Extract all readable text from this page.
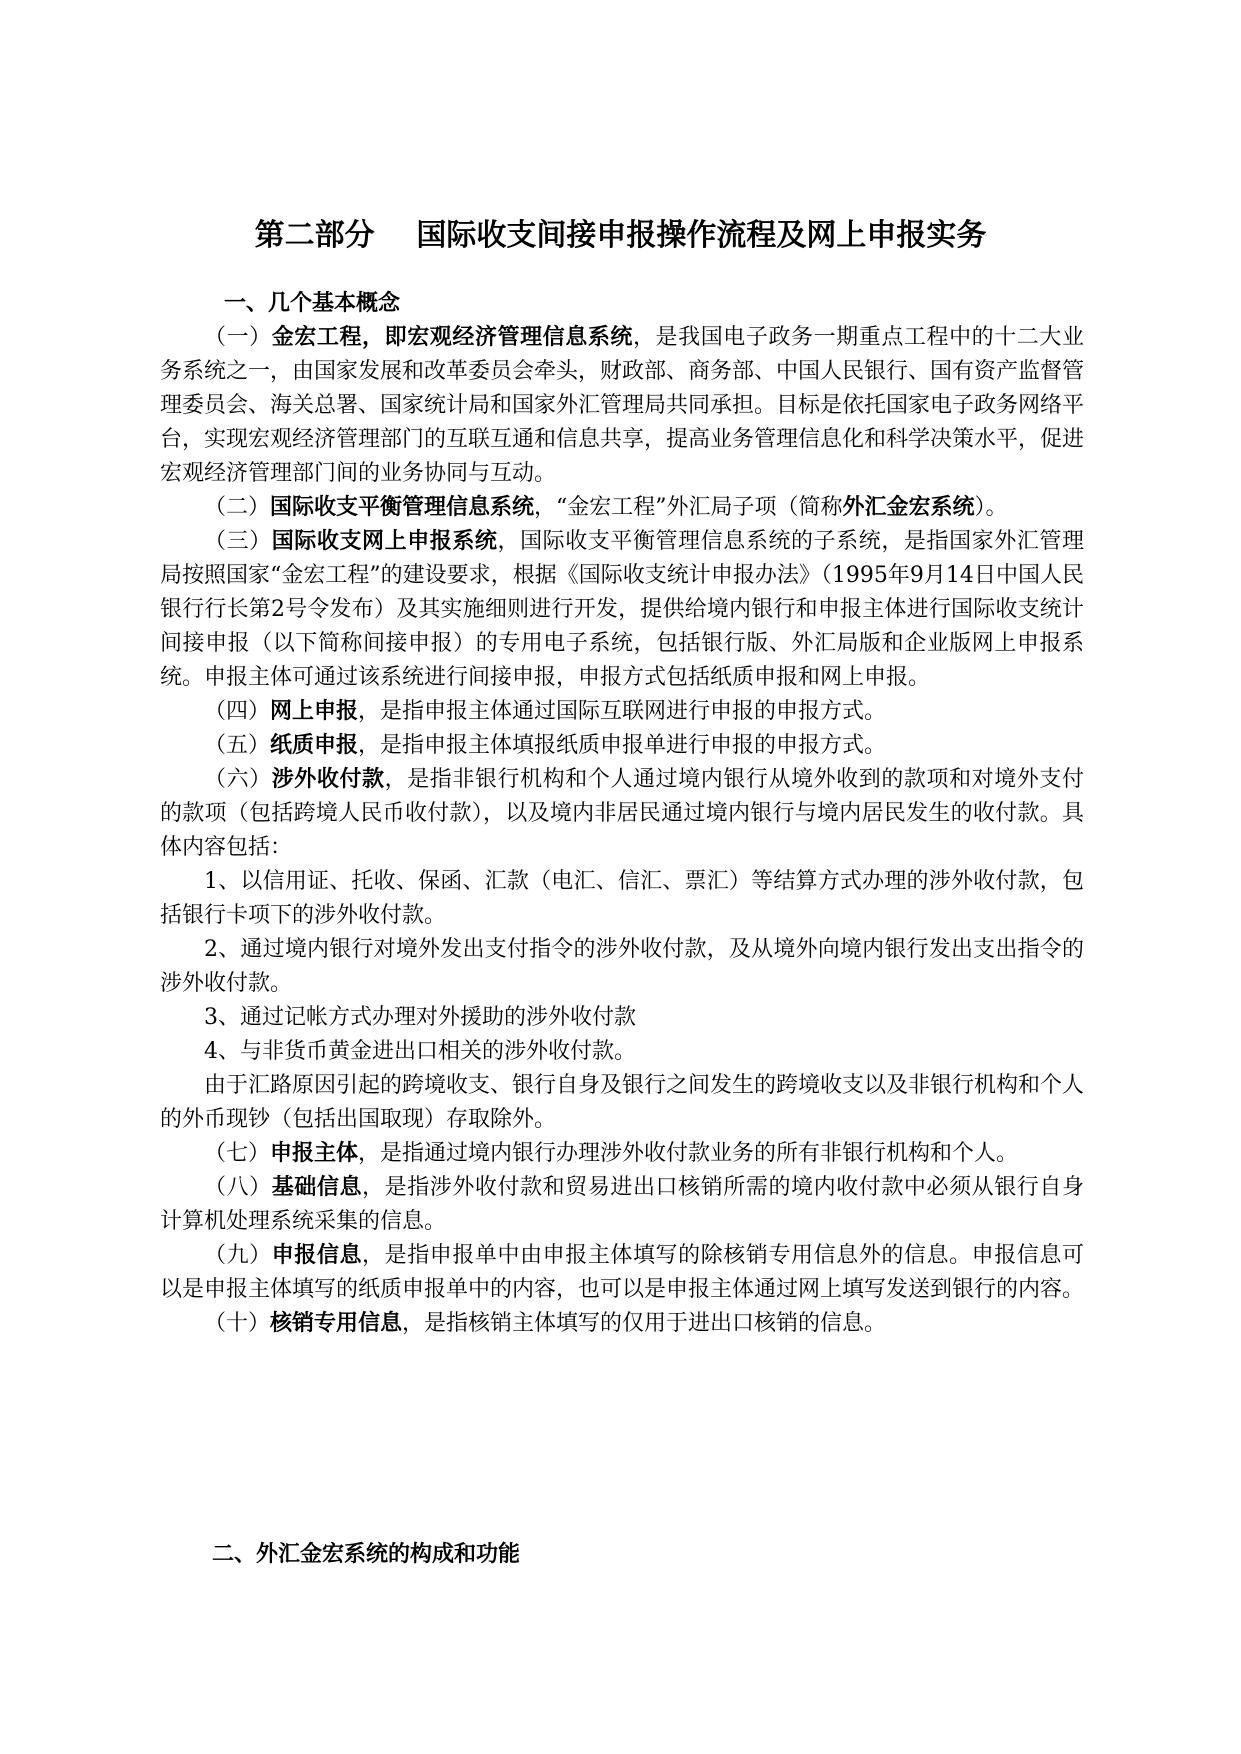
第二部分    国际收支间接申报操作流程及网上申报实务

一、几个基本概念

（一）金宏工程，即宏观经济管理信息系统，是我国电子政务一期重点工程中的十二大业务系统之一，由国家发展和改革委员会牵头，财政部、商务部、中国人民银行、国有资产监督管理委员会、海关总署、国家统计局和国家外汇管理局共同承担。目标是依托国家电子政务网络平台，实现宏观经济管理部门的互联互通和信息共享，提高业务管理信息化和科学决策水平，促进宏观经济管理部门间的业务协同与互动。

（二）国际收支平衡管理信息系统，“金宏工程”外汇局子项（简称外汇金宏系统）。

（三）国际收支网上申报系统，国际收支平衡管理信息系统的子系统，是指国家外汇管理局按照国家“金宏工程”的建设要求，根据《国际收支统计申报办法》（1995年9月14日中国人民银行行长第2号令发布）及其实施细则进行开发，提供给境内银行和申报主体进行国际收支统计间接申报（以下简称间接申报）的专用电子系统，包括银行版、外汇局版和企业版网上申报系统。申报主体可通过该系统进行间接申报，申报方式包括纸质申报和网上申报。

（四）网上申报，是指申报主体通过国际互联网进行申报的申报方式。

（五）纸质申报，是指申报主体填报纸质申报单进行申报的申报方式。

（六）涉外收付款，是指非银行机构和个人通过境内银行从境外收到的款项和对境外支付的款项（包括跨境人民币收付款），以及境内非居民通过境内银行与境内居民发生的收付款。具体内容包括：

1、以信用证、托收、保函、汇款（电汇、信汇、票汇）等结算方式办理的涉外收付款，包括银行卡项下的涉外收付款。

2、通过境内银行对境外发出支付指令的涉外收付款，及从境外向境内银行发出支出指令的涉外收付款。

3、通过记帐方式办理对外援助的涉外收付款

4、与非货币黄金进出口相关的涉外收付款。

由于汇路原因引起的跨境收支、银行自身及银行之间发生的跨境收支以及非银行机构和个人的外币现钞（包括出国取现）存取除外。

（七）申报主体，是指通过境内银行办理涉外收付款业务的所有非银行机构和个人。

（八）基础信息，是指涉外收付款和贸易进出口核销所需的境内收付款中必须从银行自身计算机处理系统采集的信息。

（九）申报信息，是指申报单中由申报主体填写的除核销专用信息外的信息。申报信息可以是申报主体填写的纸质申报单中的内容，也可以是申报主体通过网上填写发送到银行的内容。

（十）核销专用信息，是指核销主体填写的仅用于进出口核销的信息。

二、外汇金宏系统的构成和功能
